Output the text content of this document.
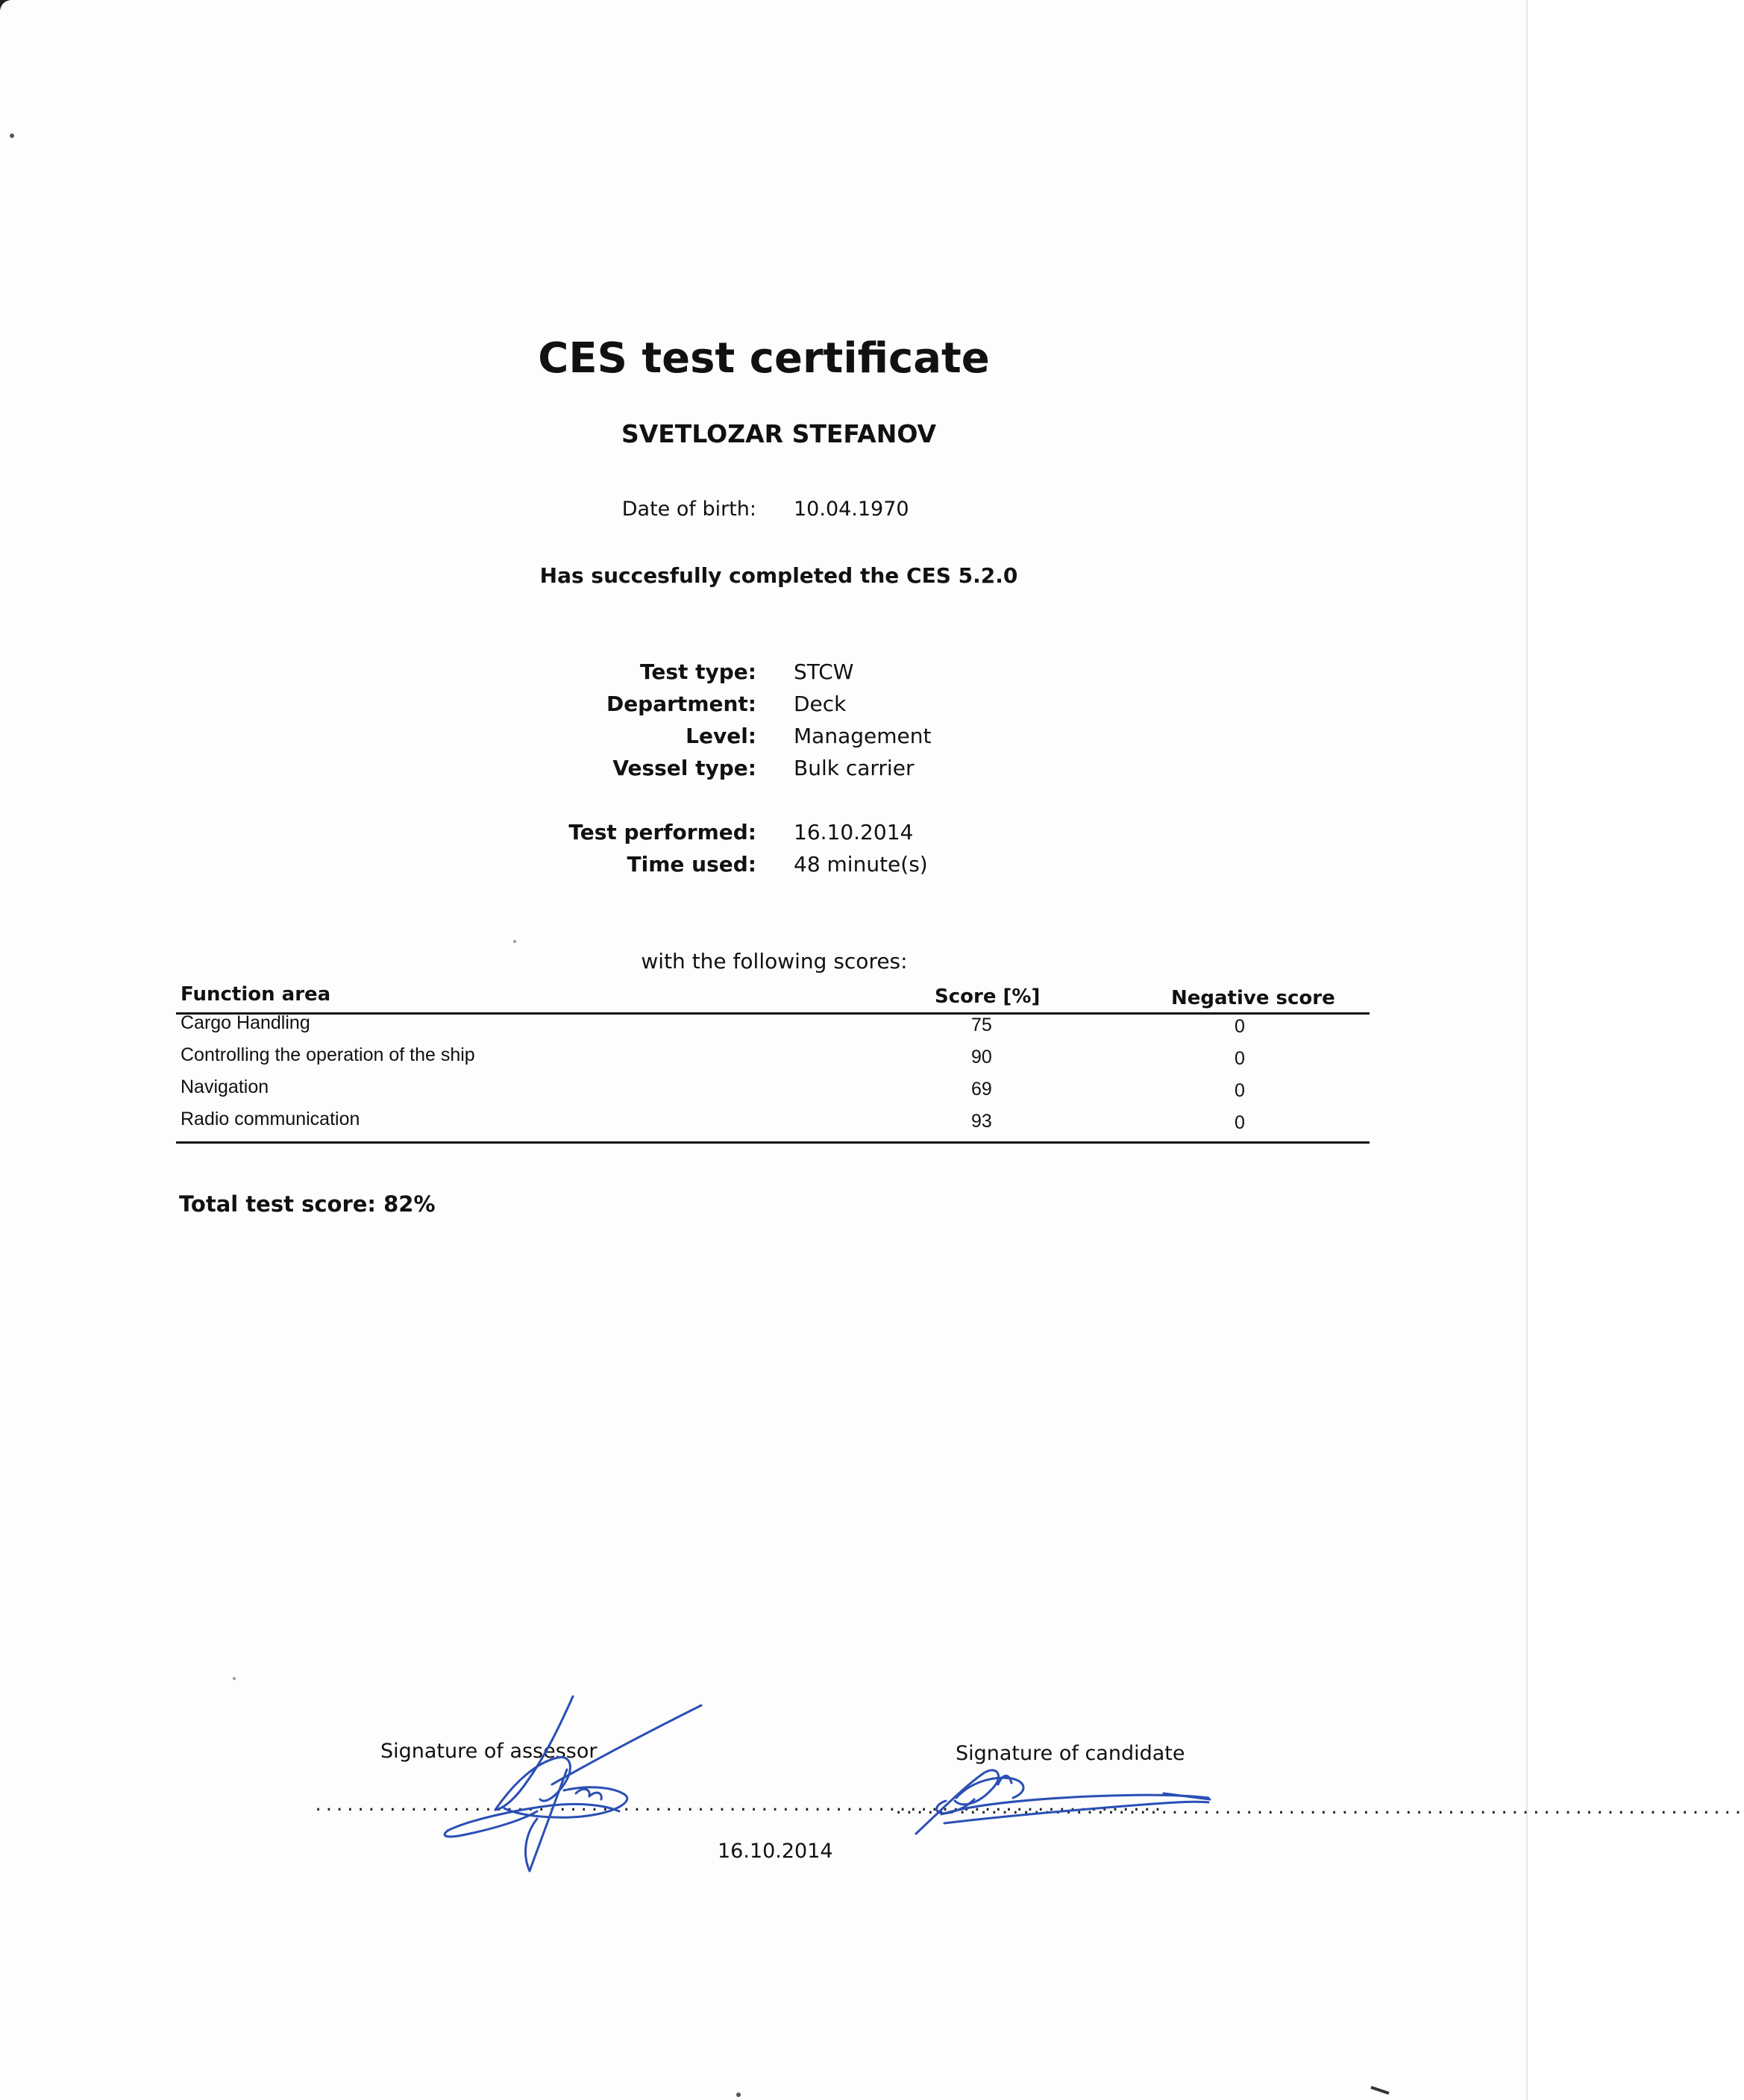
CES test certificate
SVETLOZAR STEFANOV
Date of birth: 10.04.1970
Has succesfully completed the CES 5.2.0
Test type: STCW
Department: Deck
Level: Management
Vessel type: Bulk carrier
Test performed: 16.10.2014
Time used: 48 minute(s)
with the following scores:
Function area	Score [%]	Negative score
Cargo Handling	75	0
Controlling the operation of the ship	90	0
Navigation	69	0
Radio communication	93	0
Total test score: 82%
Signature of assessor
................................................................................
Signature of candidate
................................................................................
16.10.2014
